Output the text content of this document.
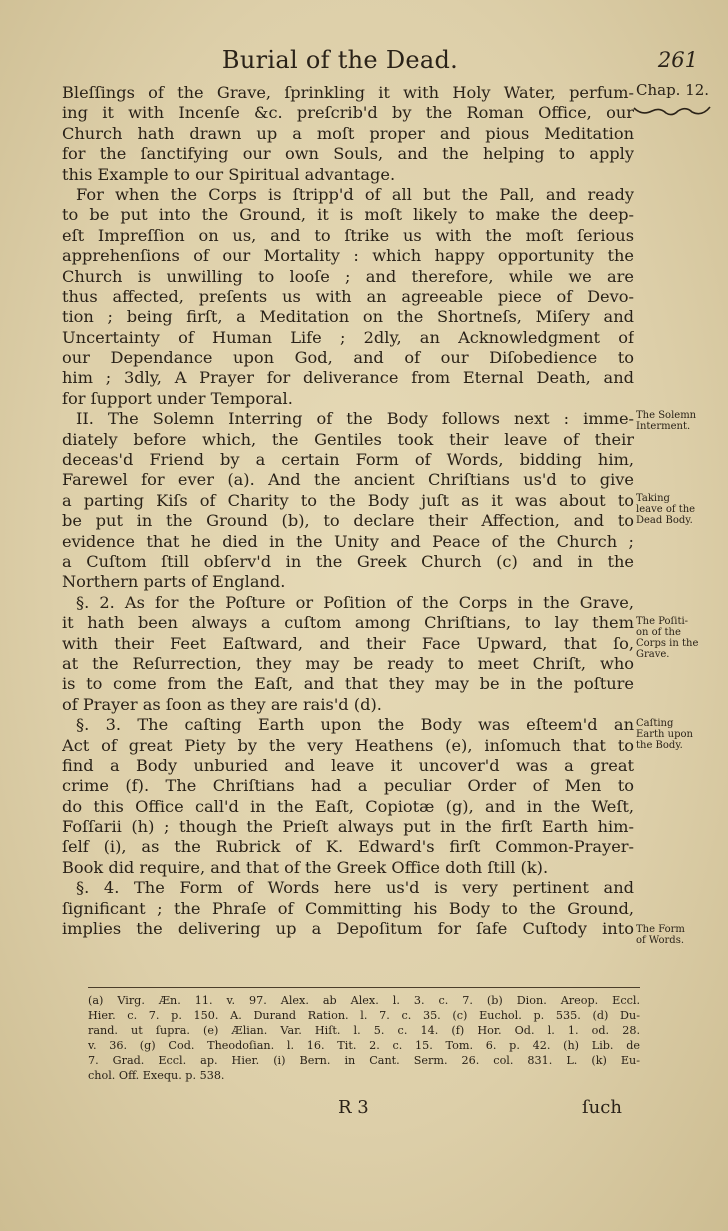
Burial of the Dead.	261
Bleſſings of the Grave, ſprinkling it with Holy Water, perfum-
ing it with Incenſe &c. preſcrib'd by the Roman Office, our
Church hath drawn up a moſt proper and pious Meditation
for the ſanctifying our own Souls, and the helping to apply
this Example to our Spiritual advantage.
For when the Corps is ſtripp'd of all but the Pall, and ready
to be put into the Ground, it is moſt likely to make the deep-
eſt Impreſſion on us, and to ſtrike us with the moſt ſerious
apprehenſions of our Mortality : which happy opportunity the
Church is unwilling to looſe ; and therefore, while we are
thus affected, preſents us with an agreeable piece of Devo-
tion ; being firſt, a Meditation on the Shortneſs, Miſery and
Uncertainty of Human Life ; 2dly, an Acknowledgment of
our Dependance upon God, and of our Diſobedience to
him ; 3dly, A Prayer for deliverance from Eternal Death, and
for ſupport under Temporal.
II. The Solemn Interring of the Body follows next : imme-
diately before which, the Gentiles took their leave of their
deceas'd Friend by a certain Form of Words, bidding him,
Farewel for ever (a). And the ancient Chriſtians us'd to give
a parting Kiſs of Charity to the Body juſt as it was about to
be put in the Ground (b), to declare their Affection, and to
evidence that he died in the Unity and Peace of the Church ;
a Cuſtom ſtill obſerv'd in the Greek Church (c) and in the
Northern parts of England.
§. 2. As for the Poſture or Poſition of the Corps in the Grave,
it hath been always a cuſtom among Chriſtians, to lay them
with their Feet Eaſtward, and their Face Upward, that ſo,
at the Reſurrection, they may be ready to meet Chriſt, who
is to come from the Eaſt, and that they may be in the poſture
of Prayer as ſoon as they are rais'd (d).
§. 3. The caſting Earth upon the Body was eſteem'd an
Act of great Piety by the very Heathens (e), inſomuch that to
find a Body unburied and leave it uncover'd was a great
crime (f). The Chriſtians had a peculiar Order of Men to
do this Office call'd in the Eaſt, Copiotæ (g), and in the Weſt,
Foſſarii (h) ; though the Prieſt always put in the firſt Earth him-
ſelf (i), as the Rubrick of K. Edward's firſt Common-Prayer-
Book did require, and that of the Greek Office doth ſtill (k).
§. 4. The Form of Words here us'd is very pertinent and
ſignificant ; the Phraſe of Committing his Body to the Ground,
implies the delivering up a Depoſitum for ſafe Cuſtody into
Chap. 12.
The Solemn
Interment.
Taking
leave of the
Dead Body.
The Poſiti-
on of the
Corps in the
Grave.
Caſting
Earth upon
the Body.
The Form
of Words.
(a) Virg. Æn. 11. v. 97. Alex. ab Alex. l. 3. c. 7. (b) Dion. Areop. Eccl.
Hier. c. 7. p. 150. A. Durand Ration. l. 7. c. 35. (c) Euchol. p. 535. (d) Du-
rand. ut ſupra. (e) Ælian. Var. Hiſt. l. 5. c. 14. (f) Hor. Od. l. 1. od. 28.
v. 36. (g) Cod. Theodoſian. l. 16. Tit. 2. c. 15. Tom. 6. p. 42. (h) Lib. de
7. Grad. Eccl. ap. Hier. (i) Bern. in Cant. Serm. 26. col. 831. L. (k) Eu-
chol. Off. Exequ. p. 538.
R 3	ſuch
